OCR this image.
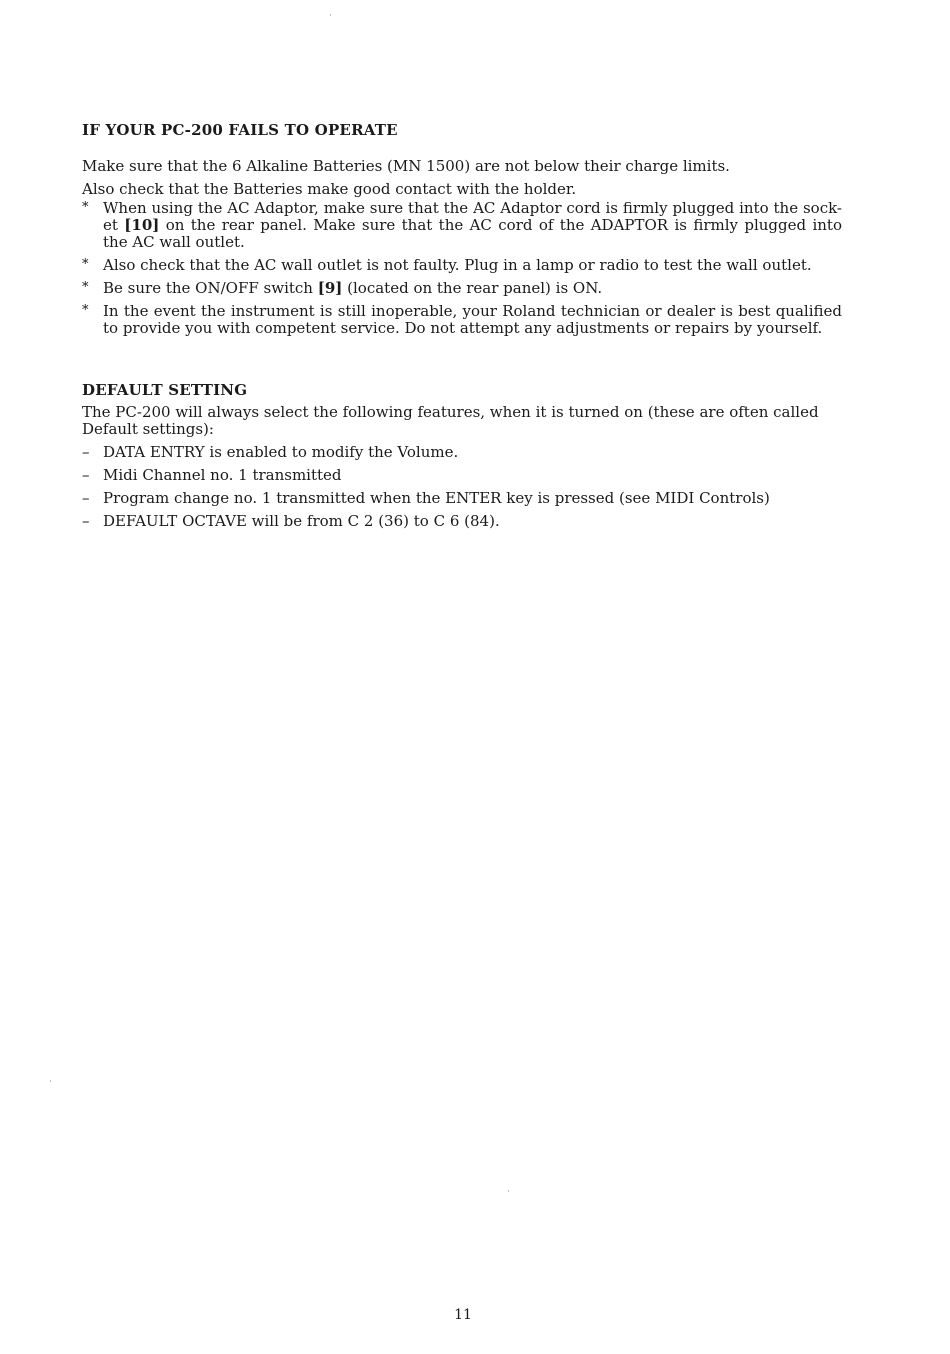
IF YOUR PC-200 FAILS TO OPERATE

Make sure that the 6 Alkaline Batteries (MN 1500) are not below their charge limits.

Also check that the Batteries make good contact with the holder.

* When using the AC Adaptor, make sure that the AC Adaptor cord is firmly plugged into the sock-et [10] on the rear panel. Make sure that the AC cord of the ADAPTOR is firmly plugged into the AC wall outlet.
* Also check that the AC wall outlet is not faulty. Plug in a lamp or radio to test the wall outlet.
* Be sure the ON/OFF switch [9] (located on the rear panel) is ON.
* In the event the instrument is still inoperable, your Roland technician or dealer is best qualified to provide you with competent service. Do not attempt any adjustments or repairs by yourself.
DEFAULT SETTING

The PC-200 will always select the following features, when it is turned on (these are often called Default settings):

– DATA ENTRY is enabled to modify the Volume.
– Midi Channel no. 1 transmitted
– Program change no. 1 transmitted when the ENTER key is pressed (see MIDI Controls)
– DEFAULT OCTAVE will be from C 2 (36) to C 6 (84).
11
